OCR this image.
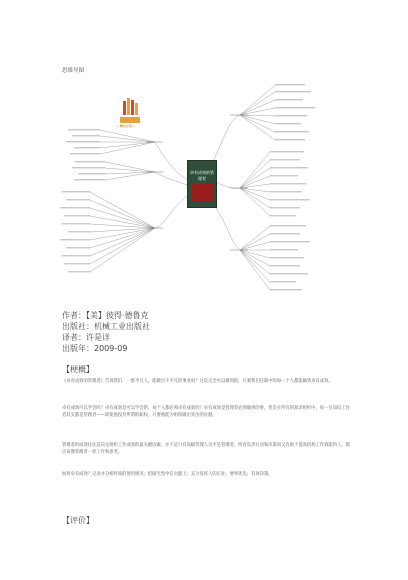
思维导图
— 精读学堂 —
卓有成效的管理者
作者：【美】彼得·德鲁克
出版社：机械工业出版社
译者：许是详
出版年：2009-09
【梗概】
《卓有成效的管理者》告诉我们，一群平凡人，能做出不平凡的事业吗？这是完全可以做到的，只要我们任职中的每一个人都能做到卓有成效。
卓有成效可以学会吗？卓有成效是可以学会的，每个人都必须卓有成效吗？卓有成效是管理者必须做到的事，但是在所有的知识组织中，每一位知识工作者其实都是管理者——即使他没有所谓的职权，只要他能为组织做出突出的贡献。
管理者的成效往往是决定组织工作成效的最关键因素；并不是只有高级管理人员才是管理者，所有负责行动和决策而又有助于提高机构工作效能的人，都应该像管理者一样工作和思考。
如何卓有成效？记录并分析时间的使用情况；把眼光集中在贡献上；充分发挥人的长处；要事优先；有效决策。
【评价】
